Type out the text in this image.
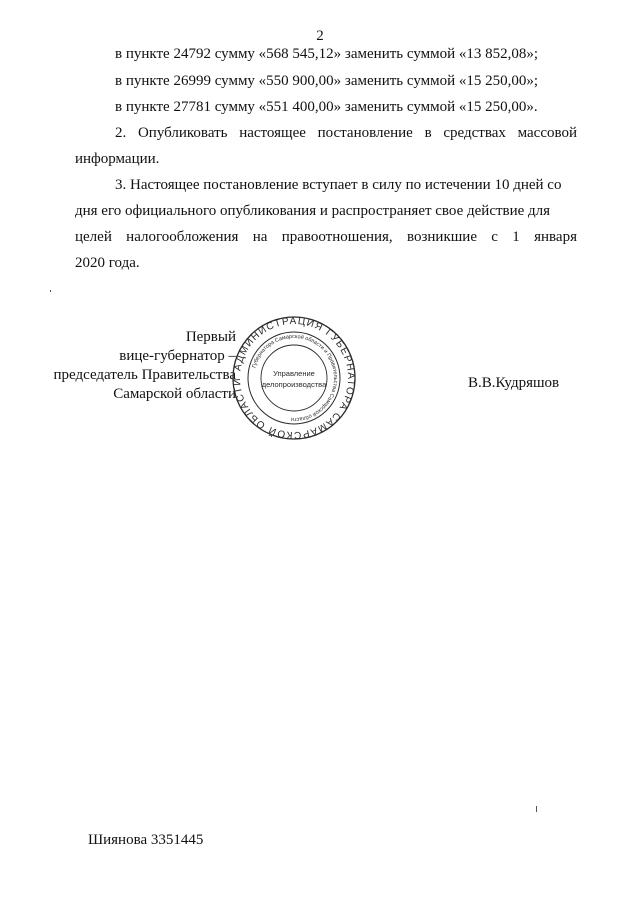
2
в пункте 24792 сумму «568 545,12» заменить суммой «13 852,08»;
в пункте 26999 сумму «550 900,00» заменить суммой «15 250,00»;
в пункте 27781 сумму «551 400,00» заменить суммой «15 250,00».
2. Опубликовать настоящее постановление в средствах массовой
информации.
3. Настоящее постановление вступает в силу по истечении 10 дней со
дня его официального опубликования и распространяет свое действие для
целей налогообложения на правоотношения, возникшие с 1 января
2020 года.
Первый
вице-губернатор –
председатель Правительства
Самарской области
АДМИНИСТРАЦИЯ ГУБЕРНАТОРА САМАРСКОЙ ОБЛАСТИ
Губернатора Самарской области и Правительства Самарской области
Управление
делопроизводства	В.В.Кудряшов
Шиянова 3351445
